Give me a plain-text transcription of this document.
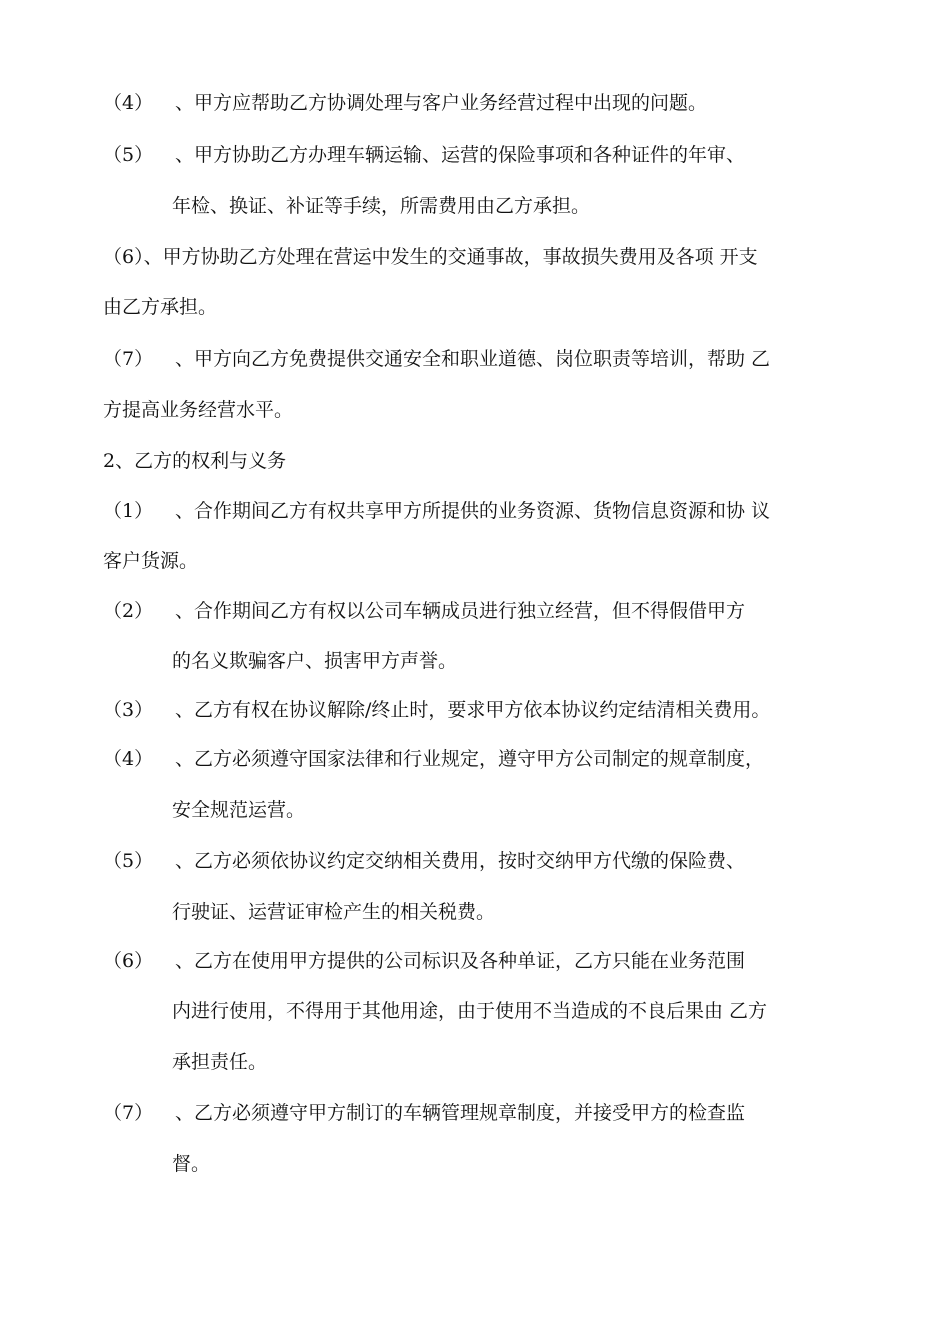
（4） 、甲方应帮助乙方协调处理与客户业务经营过程中出现的问题。
（5） 、甲方协助乙方办理车辆运输、运营的保险事项和各种证件的年审、
年检、换证、补证等手续，所需费用由乙方承担。
（6）、甲方协助乙方处理在营运中发生的交通事故，事故损失费用及各项 开支
由乙方承担。
（7） 、甲方向乙方免费提供交通安全和职业道德、岗位职责等培训，帮助 乙
方提高业务经营水平。
2、乙方的权利与义务
（1） 、合作期间乙方有权共享甲方所提供的业务资源、货物信息资源和协 议
客户货源。
（2） 、合作期间乙方有权以公司车辆成员进行独立经营，但不得假借甲方
的名义欺骗客户、损害甲方声誉。
（3） 、乙方有权在协议解除/终止时，要求甲方依本协议约定结清相关费用。
（4） 、乙方必须遵守国家法律和行业规定，遵守甲方公司制定的规章制度，
安全规范运营。
（5） 、乙方必须依协议约定交纳相关费用，按时交纳甲方代缴的保险费、
行驶证、运营证审检产生的相关税费。
（6） 、乙方在使用甲方提供的公司标识及各种单证，乙方只能在业务范围
内进行使用，不得用于其他用途，由于使用不当造成的不良后果由 乙方
承担责任。
（7） 、乙方必须遵守甲方制订的车辆管理规章制度，并接受甲方的检查监
督。
